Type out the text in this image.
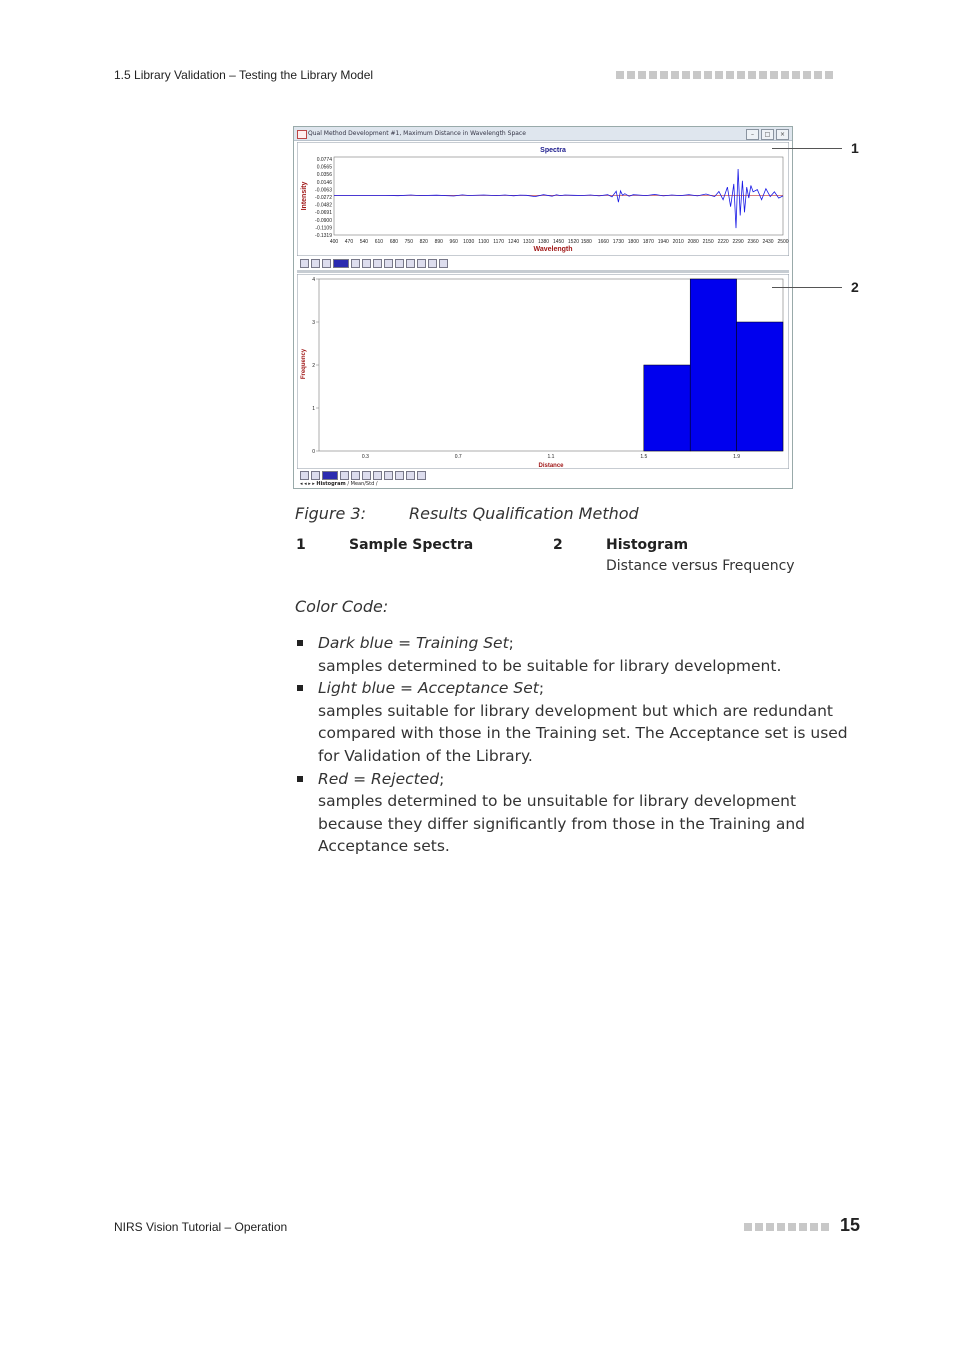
1.5 Library Validation – Testing the Library Model
Qual Method Development #1, Maximum Distance in Wavelength Space	–	□	×
Spectra
0.0774
0.0565
0.0356
0.0146
-0.0063
-0.0272
-0.0482
-0.0691
-0.0900
-0.1109
-0.1319
400 470 540 610 680 750 820 890 960 1030 1100 1170 1240 1310 1380 1450 1520 1580 1660 1730 1800 1870 1940 2010 2080 2150 2220 2290 2360 2430 2500
Wavelength
Intensity
0
1
2
3
4
0.3	0.7	1.1	1.5	1.9
Distance
Frequency
◂ ◂ ▸ ▸ Histogram / Mean/Std /
1
2
Figure 3:	Results Qualification Method
1	Sample Spectra	2	Histogram
Distance versus Frequency
Color Code:
Dark blue = Training Set;
samples determined to be suitable for library development.
Light blue = Acceptance Set;
samples suitable for library development but which are redundant compared with those in the Training set. The Acceptance set is used for Validation of the Library.
Red = Rejected;
samples determined to be unsuitable for library development because they differ significantly from those in the Training and Acceptance sets.
NIRS Vision Tutorial – Operation	15
